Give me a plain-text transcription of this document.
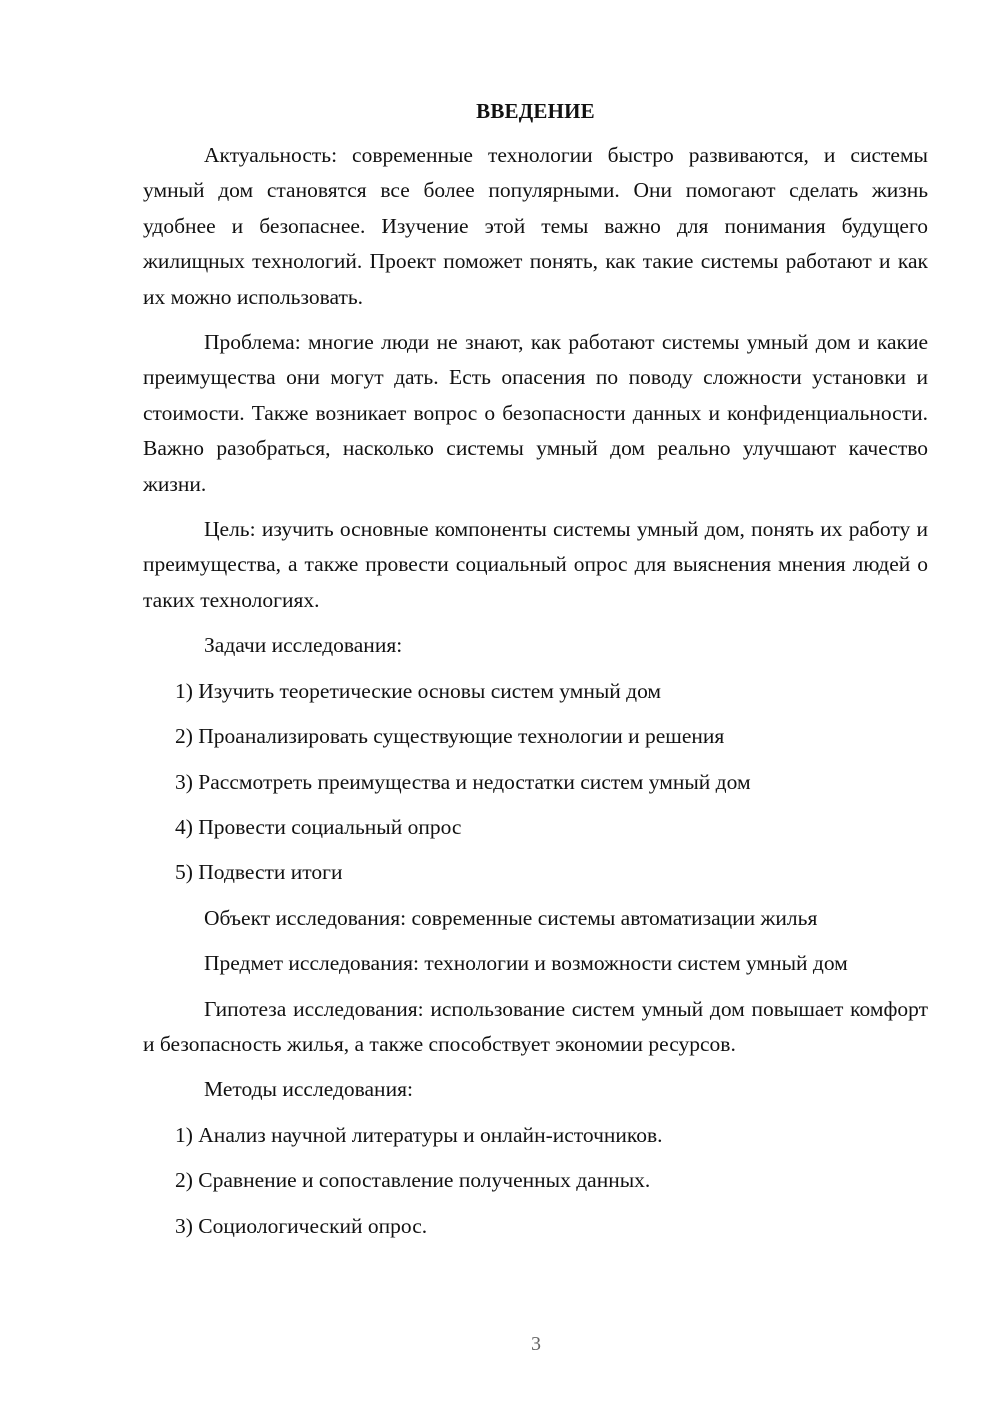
ВВЕДЕНИЕ

Актуальность: современные технологии быстро развиваются, и системы умный дом становятся все более популярными. Они помогают сделать жизнь удобнее и безопаснее. Изучение этой темы важно для понимания будущего жилищных технологий. Проект поможет понять, как такие системы работают и как их можно использовать.

Проблема: многие люди не знают, как работают системы умный дом и какие преимущества они могут дать. Есть опасения по поводу сложности установки и стоимости. Также возникает вопрос о безопасности данных и конфиденциальности. Важно разобраться, насколько системы умный дом реально улучшают качество жизни.

Цель: изучить основные компоненты системы умный дом, понять их работу и преимущества, а также провести социальный опрос для выяснения мнения людей о таких технологиях.

Задачи исследования:
1) Изучить теоретические основы систем умный дом
2) Проанализировать существующие технологии и решения
3) Рассмотреть преимущества и недостатки систем умный дом
4) Провести социальный опрос
5) Подвести итоги
Объект исследования: современные системы автоматизации жилья

Предмет исследования: технологии и возможности систем умный дом

Гипотеза исследования: использование систем умный дом повышает комфорт и безопасность жилья, а также способствует экономии ресурсов.

Методы исследования:
1) Анализ научной литературы и онлайн-источников.
2) Сравнение и сопоставление полученных данных.
3) Социологический опрос.
3
